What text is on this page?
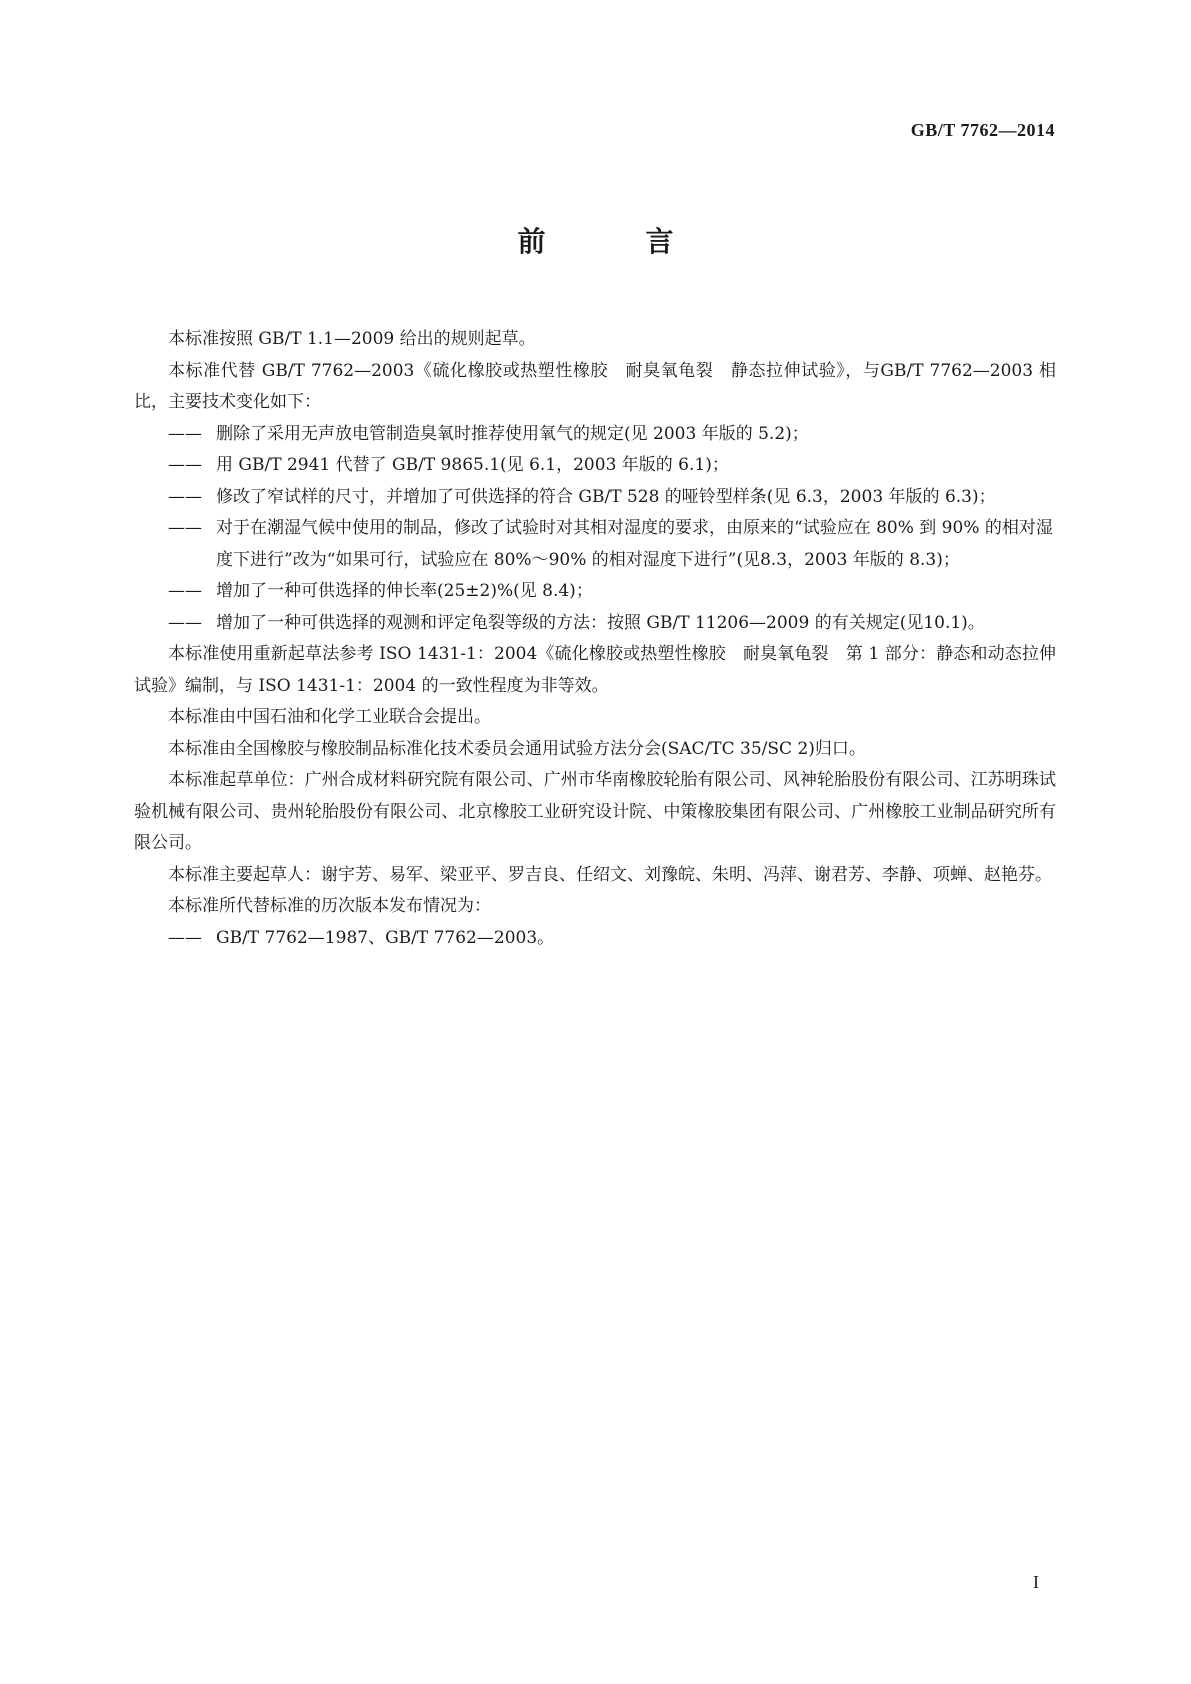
GB/T 7762—2014
前　言

本标准按照 GB/T 1.1—2009 给出的规则起草。

本标准代替 GB/T 7762—2003《硫化橡胶或热塑性橡胶　耐臭氧龟裂　静态拉伸试验》，与GB/T 7762—2003 相比，主要技术变化如下：

—— 删除了采用无声放电管制造臭氧时推荐使用氧气的规定(见 2003 年版的 5.2)；

—— 用 GB/T 2941 代替了 GB/T 9865.1(见 6.1，2003 年版的 6.1)；

—— 修改了窄试样的尺寸，并增加了可供选择的符合 GB/T 528 的哑铃型样条(见 6.3，2003 年版的 6.3)；

—— 对于在潮湿气候中使用的制品，修改了试验时对其相对湿度的要求，由原来的“试验应在 80% 到 90% 的相对湿度下进行”改为“如果可行，试验应在 80%～90% 的相对湿度下进行”(见8.3，2003 年版的 8.3)；

—— 增加了一种可供选择的伸长率(25±2)%(见 8.4)；

—— 增加了一种可供选择的观测和评定龟裂等级的方法：按照 GB/T 11206—2009 的有关规定(见10.1)。

本标准使用重新起草法参考 ISO 1431-1：2004《硫化橡胶或热塑性橡胶　耐臭氧龟裂　第 1 部分：静态和动态拉伸试验》编制，与 ISO 1431-1：2004 的一致性程度为非等效。

本标准由中国石油和化学工业联合会提出。

本标准由全国橡胶与橡胶制品标准化技术委员会通用试验方法分会(SAC/TC 35/SC 2)归口。

本标准起草单位：广州合成材料研究院有限公司、广州市华南橡胶轮胎有限公司、风神轮胎股份有限公司、江苏明珠试验机械有限公司、贵州轮胎股份有限公司、北京橡胶工业研究设计院、中策橡胶集团有限公司、广州橡胶工业制品研究所有限公司。

本标准主要起草人：谢宇芳、易军、梁亚平、罗吉良、任绍文、刘豫皖、朱明、冯萍、谢君芳、李静、项蝉、赵艳芬。

本标准所代替标准的历次版本发布情况为：

—— GB/T 7762—1987、GB/T 7762—2003。

I
